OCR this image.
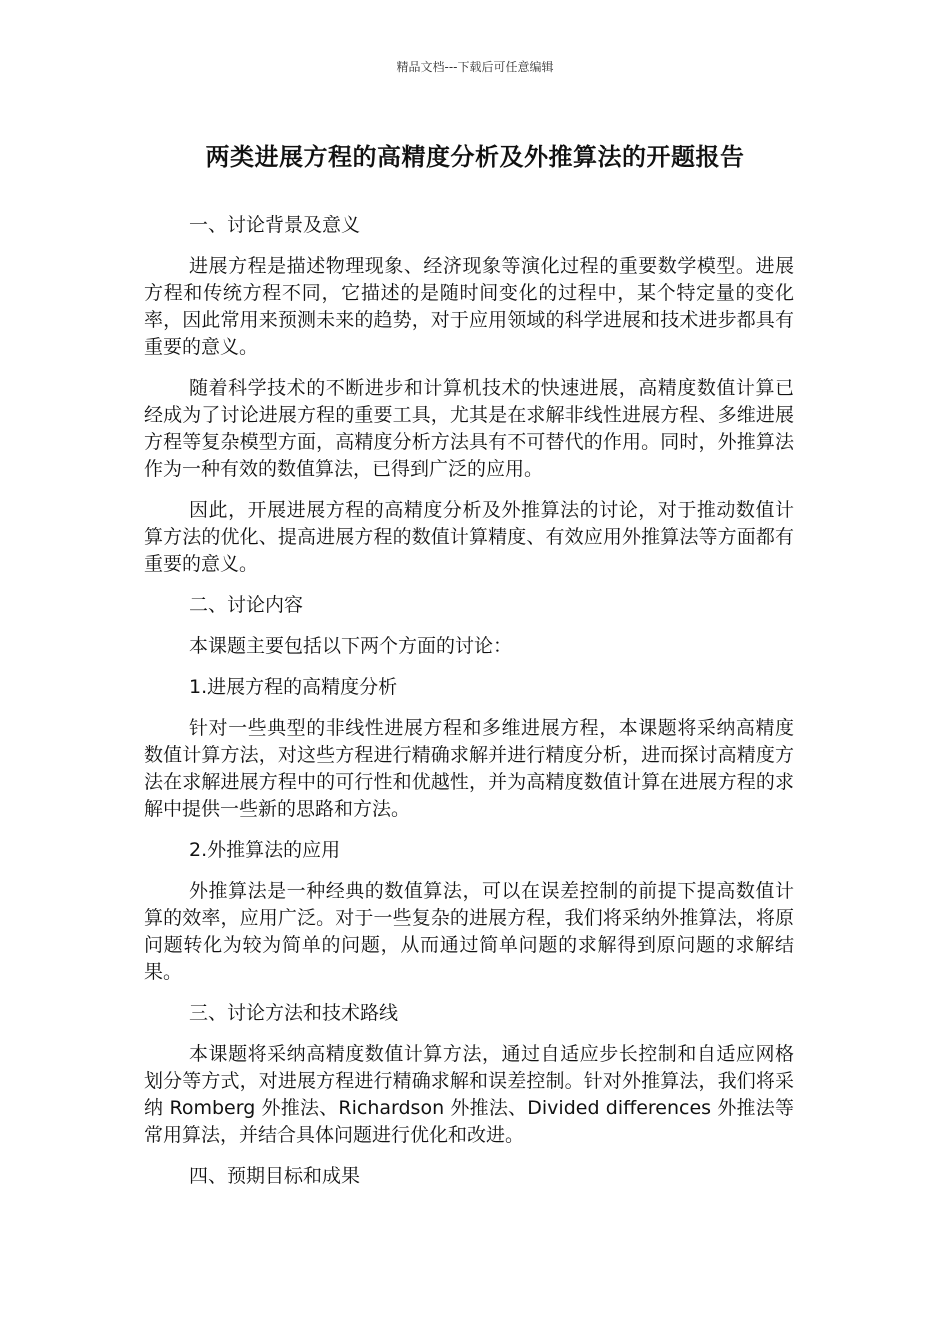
精品文档---下载后可任意编辑
两类进展方程的高精度分析及外推算法的开题报告

一、讨论背景及意义

进展方程是描述物理现象、经济现象等演化过程的重要数学模型。进展方程和传统方程不同，它描述的是随时间变化的过程中，某个特定量的变化率，因此常用来预测未来的趋势，对于应用领域的科学进展和技术进步都具有重要的意义。

随着科学技术的不断进步和计算机技术的快速进展，高精度数值计算已经成为了讨论进展方程的重要工具，尤其是在求解非线性进展方程、多维进展方程等复杂模型方面，高精度分析方法具有不可替代的作用。同时，外推算法作为一种有效的数值算法，已得到广泛的应用。

因此，开展进展方程的高精度分析及外推算法的讨论，对于推动数值计算方法的优化、提高进展方程的数值计算精度、有效应用外推算法等方面都有重要的意义。

二、讨论内容

本课题主要包括以下两个方面的讨论：

1.进展方程的高精度分析

针对一些典型的非线性进展方程和多维进展方程，本课题将采纳高精度数值计算方法，对这些方程进行精确求解并进行精度分析，进而探讨高精度方法在求解进展方程中的可行性和优越性，并为高精度数值计算在进展方程的求解中提供一些新的思路和方法。

2.外推算法的应用

外推算法是一种经典的数值算法，可以在误差控制的前提下提高数值计算的效率，应用广泛。对于一些复杂的进展方程，我们将采纳外推算法，将原问题转化为较为简单的问题，从而通过简单问题的求解得到原问题的求解结果。

三、讨论方法和技术路线

本课题将采纳高精度数值计算方法，通过自适应步长控制和自适应网格划分等方式，对进展方程进行精确求解和误差控制。针对外推算法，我们将采纳 Romberg 外推法、Richardson 外推法、Divided differences 外推法等常用算法，并结合具体问题进行优化和改进。

四、预期目标和成果
